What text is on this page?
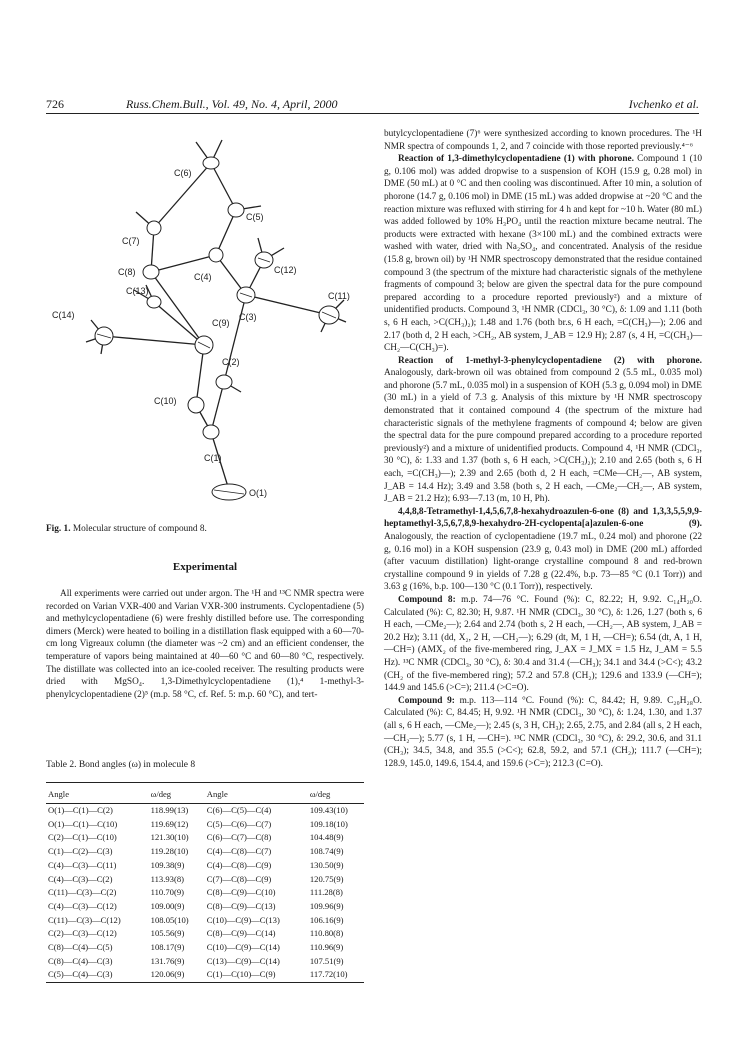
726	Russ.Chem.Bull., Vol. 49, No. 4, April, 2000	Ivchenko et al.
C(6)
C(5)
C(7)
C(8)	C(4)
C(12)
C(13)
C(14)
C(9)
C(3)
C(11)
C(2)
C(10)
C(1)
O(1)
Fig. 1. Molecular structure of compound 8.
Experimental

All experiments were carried out under argon. The ¹H and ¹³C NMR spectra were recorded on Varian VXR-400 and Varian VXR-300 instruments. Cyclopentadiene (5) and methylcyclopentadiene (6) were freshly distilled before use. The corresponding dimers (Merck) were heated to boiling in a distillation flask equipped with a 60—70-cm long Vigreaux column (the diameter was ~2 cm) and an efficient condenser, the temperature of vapors being maintained at 40—60 °C and 60—80 °C, respectively. The distillate was collected into an ice-cooled receiver. The resulting products were dried with MgSO₄. 1,3-Dimethylcyclopentadiene (1),⁴ 1-methyl-3-phenylcyclopentadiene (2)⁵ (m.p. 58 °C, cf. Ref. 5: m.p. 60 °C), and tert-

Table 2. Bond angles (ω) in molecule 8
Angle	ω/deg	Angle	ω/deg
O(1)—C(1)—C(2)	118.99(13)	C(6)—C(5)—C(4)	109.43(10)
O(1)—C(1)—C(10)	119.69(12)	C(5)—C(6)—C(7)	109.18(10)
C(2)—C(1)—C(10)	121.30(10)	C(6)—C(7)—C(8)	104.48(9)
C(1)—C(2)—C(3)	119.28(10)	C(4)—C(8)—C(7)	108.74(9)
C(4)—C(3)—C(11)	109.38(9)	C(4)—C(8)—C(9)	130.50(9)
C(4)—C(3)—C(2)	113.93(8)	C(7)—C(8)—C(9)	120.75(9)
C(11)—C(3)—C(2)	110.70(9)	C(8)—C(9)—C(10)	111.28(8)
C(4)—C(3)—C(12)	109.00(9)	C(8)—C(9)—C(13)	109.96(9)
C(11)—C(3)—C(12)	108.05(10)	C(10)—C(9)—C(13)	106.16(9)
C(2)—C(3)—C(12)	105.56(9)	C(8)—C(9)—C(14)	110.80(8)
C(8)—C(4)—C(5)	108.17(9)	C(10)—C(9)—C(14)	110.96(9)
C(8)—C(4)—C(3)	131.76(9)	C(13)—C(9)—C(14)	107.51(9)
C(5)—C(4)—C(3)	120.06(9)	C(1)—C(10)—C(9)	117.72(10)

butylcyclopentadiene (7)⁶ were synthesized according to known procedures. The ¹H NMR spectra of compounds 1, 2, and 7 coincide with those reported previously.⁴⁻⁶

Reaction of 1,3-dimethylcyclopentadiene (1) with phorone. Compound 1 (10 g, 0.106 mol) was added dropwise to a suspension of KOH (15.9 g, 0.28 mol) in DME (50 mL) at 0 °C and then cooling was discontinued. After 10 min, a solution of phorone (14.7 g, 0.106 mol) in DME (15 mL) was added dropwise at ~20 °C and the reaction mixture was refluxed with stirring for 4 h and kept for ~10 h. Water (80 mL) was added followed by 10% H₃PO₄ until the reaction mixture became neutral. The products were extracted with hexane (3×100 mL) and the combined extracts were washed with water, dried with Na₂SO₄, and concentrated. Analysis of the residue (15.8 g, brown oil) by ¹H NMR spectroscopy demonstrated that the residue contained compound 3 (the spectrum of the mixture had characteristic signals of the methylene fragments of compound 3; below are given the spectral data for the pure compound prepared according to a procedure reported previously²) and a mixture of unidentified products. Compound 3, ¹H NMR (CDCl₃, 30 °C), δ: 1.09 and 1.11 (both s, 6 H each, >C(CH₃)₂); 1.48 and 1.76 (both br.s, 6 H each, =C(CH₃)—); 2.06 and 2.17 (both d, 2 H each, >CH₂, AB system, J_AB = 12.9 H); 2.87 (s, 4 H, =C(CH₃)—CH₂—C(CH₃)=).

Reaction of 1-methyl-3-phenylcyclopentadiene (2) with phorone. Analogously, dark-brown oil was obtained from compound 2 (5.5 mL, 0.035 mol) and phorone (5.7 mL, 0.035 mol) in a suspension of KOH (5.3 g, 0.094 mol) in DME (30 mL) in a yield of 7.3 g. Analysis of this mixture by ¹H NMR spectroscopy demonstrated that it contained compound 4 (the spectrum of the mixture had characteristic signals of the methylene fragments of compound 4; below are given the spectral data for the pure compound prepared according to a procedure reported previously²) and a mixture of unidentified products. Compound 4, ¹H NMR (CDCl₃, 30 °C), δ: 1.33 and 1.37 (both s, 6 H each, >C(CH₃)₂); 2.10 and 2.65 (both s, 6 H each, =C(CH₃)—); 2.39 and 2.65 (both d, 2 H each, =CMe—CH₂—, AB system, J_AB = 14.4 Hz); 3.49 and 3.58 (both s, 2 H each, —CMe₂—CH₂—, AB system, J_AB = 21.2 Hz); 6.93—7.13 (m, 10 H, Ph).

4,4,8,8-Tetramethyl-1,4,5,6,7,8-hexahydroazulen-6-one (8) and 1,3,3,5,5,9,9-heptamethyl-3,5,6,7,8,9-hexahydro-2H-cyclopenta[a]azulen-6-one (9). Analogously, the reaction of cyclopentadiene (19.7 mL, 0.24 mol) and phorone (22 g, 0.16 mol) in a KOH suspension (23.9 g, 0.43 mol) in DME (200 mL) afforded (after vacuum distillation) light-orange crystalline compound 8 and red-brown crystalline compound 9 in yields of 7.28 g (22.4%, b.p. 73—85 °C (0.1 Torr)) and 3.63 g (16%, b.p. 100—130 °C (0.1 Torr)), respectively.

Compound 8: m.p. 74—76 °C. Found (%): C, 82.22; H, 9.92. C₁₄H₂₀O. Calculated (%): C, 82.30; H, 9.87. ¹H NMR (CDCl₃, 30 °C), δ: 1.26, 1.27 (both s, 6 H each, —CMe₂—); 2.64 and 2.74 (both s, 2 H each, —CH₂—, AB system, J_AB = 20.2 Hz); 3.11 (dd, X₂, 2 H, —CH₂—); 6.29 (dt, M, 1 H, —CH=); 6.54 (dt, A, 1 H, —CH=) (AMX₂ of the five-membered ring, J_AX = J_MX = 1.5 Hz, J_AM = 5.5 Hz). ¹³C NMR (CDCl₃, 30 °C), δ: 30.4 and 31.4 (—CH₃); 34.1 and 34.4 (>C<); 43.2 (CH₂ of the five-membered ring); 57.2 and 57.8 (CH₂); 129.6 and 133.9 (—CH=); 144.9 and 145.6 (>C=); 211.4 (>C=O).

Compound 9: m.p. 113—114 °C. Found (%): C, 84.42; H, 9.89. C₂₀H₂₈O. Calculated (%): C, 84.45; H, 9.92. ¹H NMR (CDCl₃, 30 °C), δ: 1.24, 1.30, and 1.37 (all s, 6 H each, —CMe₂—); 2.45 (s, 3 H, CH₃); 2.65, 2.75, and 2.84 (all s, 2 H each, —CH₂—); 5.77 (s, 1 H, —CH=). ¹³C NMR (CDCl₃, 30 °C), δ: 29.2, 30.6, and 31.1 (CH₃); 34.5, 34.8, and 35.5 (>C<); 62.8, 59.2, and 57.1 (CH₂); 111.7 (—CH=); 128.9, 145.0, 149.6, 154.4, and 159.6 (>C=); 212.3 (C=O).
